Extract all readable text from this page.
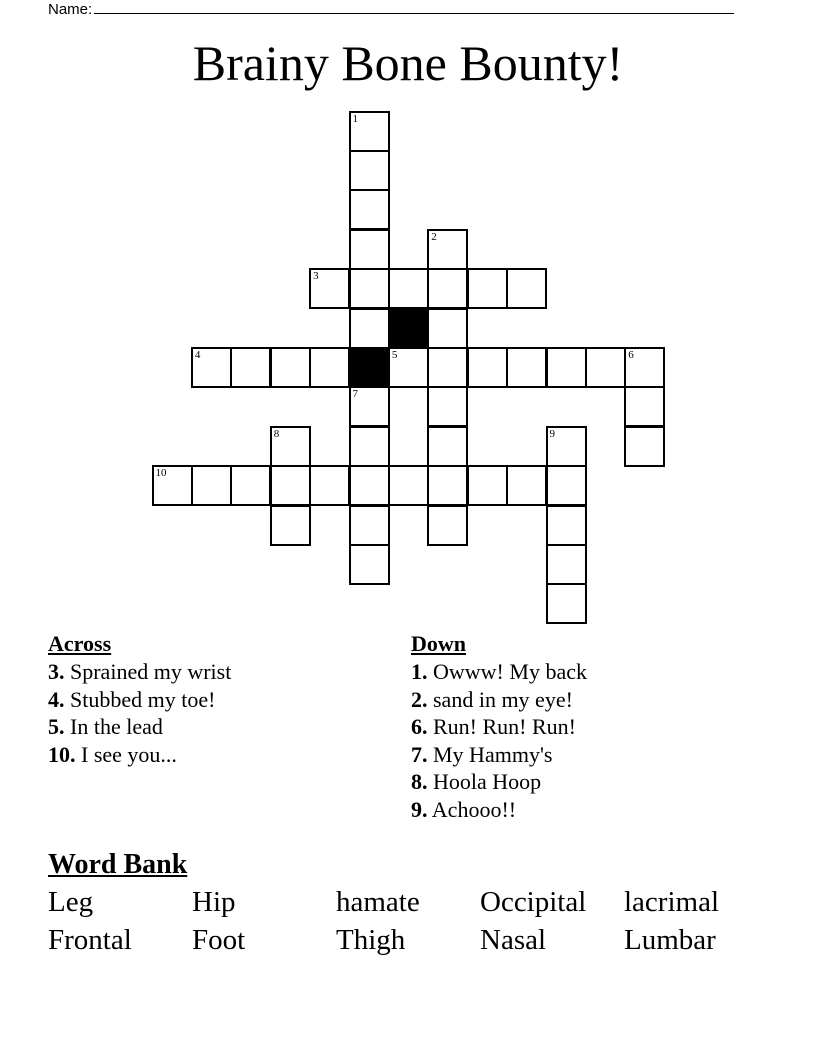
Name:
Brainy Bone Bounty!
1
7
2
3
4	5	6
8	9
10
Across
3. Sprained my wrist
4. Stubbed my toe!
5. In the lead
10. I see you...
Down
1. Owww! My back
2. sand in my eye!
6. Run! Run! Run!
7. My Hammy's
8. Hoola Hoop
9. Achooo!!
Word Bank
Leg	Hip	hamate Occipital lacrimal
Frontal Foot	Thigh	Nasal	Lumbar
